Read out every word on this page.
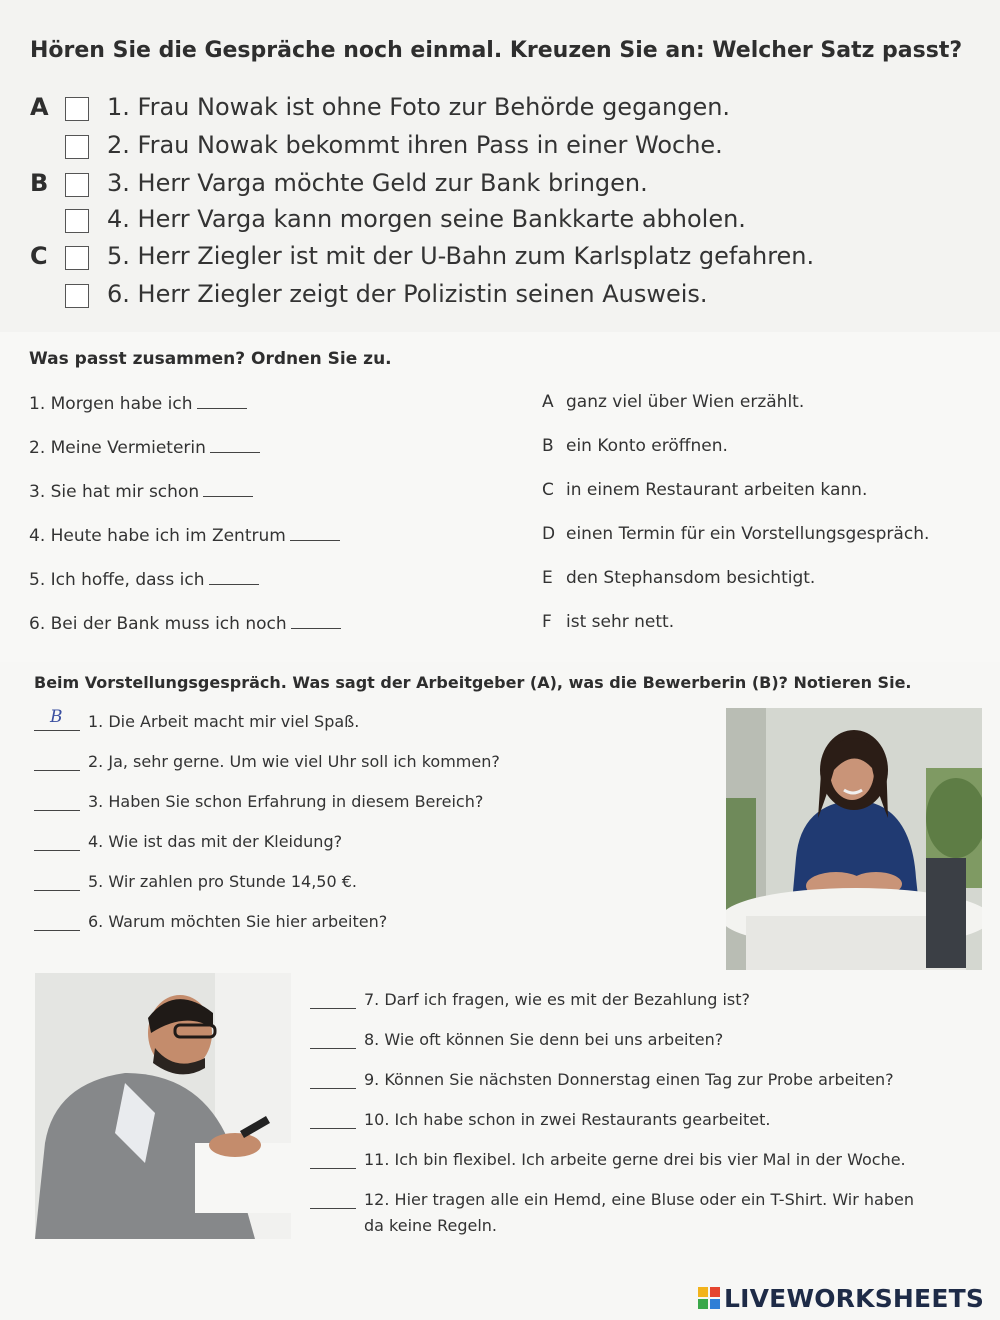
Hören Sie die Gespräche noch einmal. Kreuzen Sie an: Welcher Satz passt?
A 1. Frau Nowak ist ohne Foto zur Behörde gegangen.
2. Frau Nowak bekommt ihren Pass in einer Woche.
B 3. Herr Varga möchte Geld zur Bank bringen.
4. Herr Varga kann morgen seine Bankkarte abholen.
C 5. Herr Ziegler ist mit der U-Bahn zum Karlsplatz gefahren.
6. Herr Ziegler zeigt der Polizistin seinen Ausweis.
Was passt zusammen? Ordnen Sie zu.
1. Morgen habe ich
2. Meine Vermieterin
3. Sie hat mir schon
4. Heute habe ich im Zentrum
5. Ich hoffe, dass ich
6. Bei der Bank muss ich noch
A ganz viel über Wien erzählt.
B ein Konto eröffnen.
C in einem Restaurant arbeiten kann.
D einen Termin für ein Vorstellungsgespräch.
E den Stephansdom besichtigt.
F ist sehr nett.
Beim Vorstellungsgespräch. Was sagt der Arbeitgeber (A), was die Bewerberin (B)? Notieren Sie.
B 1. Die Arbeit macht mir viel Spaß.
2. Ja, sehr gerne. Um wie viel Uhr soll ich kommen?
3. Haben Sie schon Erfahrung in diesem Bereich?
4. Wie ist das mit der Kleidung?
5. Wir zahlen pro Stunde 14,50 €.
6. Warum möchten Sie hier arbeiten?
7. Darf ich fragen, wie es mit der Bezahlung ist?
8. Wie oft können Sie denn bei uns arbeiten?
9. Können Sie nächsten Donnerstag einen Tag zur Probe arbeiten?
10. Ich habe schon in zwei Restaurants gearbeitet.
11. Ich bin flexibel. Ich arbeite gerne drei bis vier Mal in der Woche.
12. Hier tragen alle ein Hemd, eine Bluse oder ein T-Shirt. Wir haben
da keine Regeln.
LIVEWORKSHEETS
